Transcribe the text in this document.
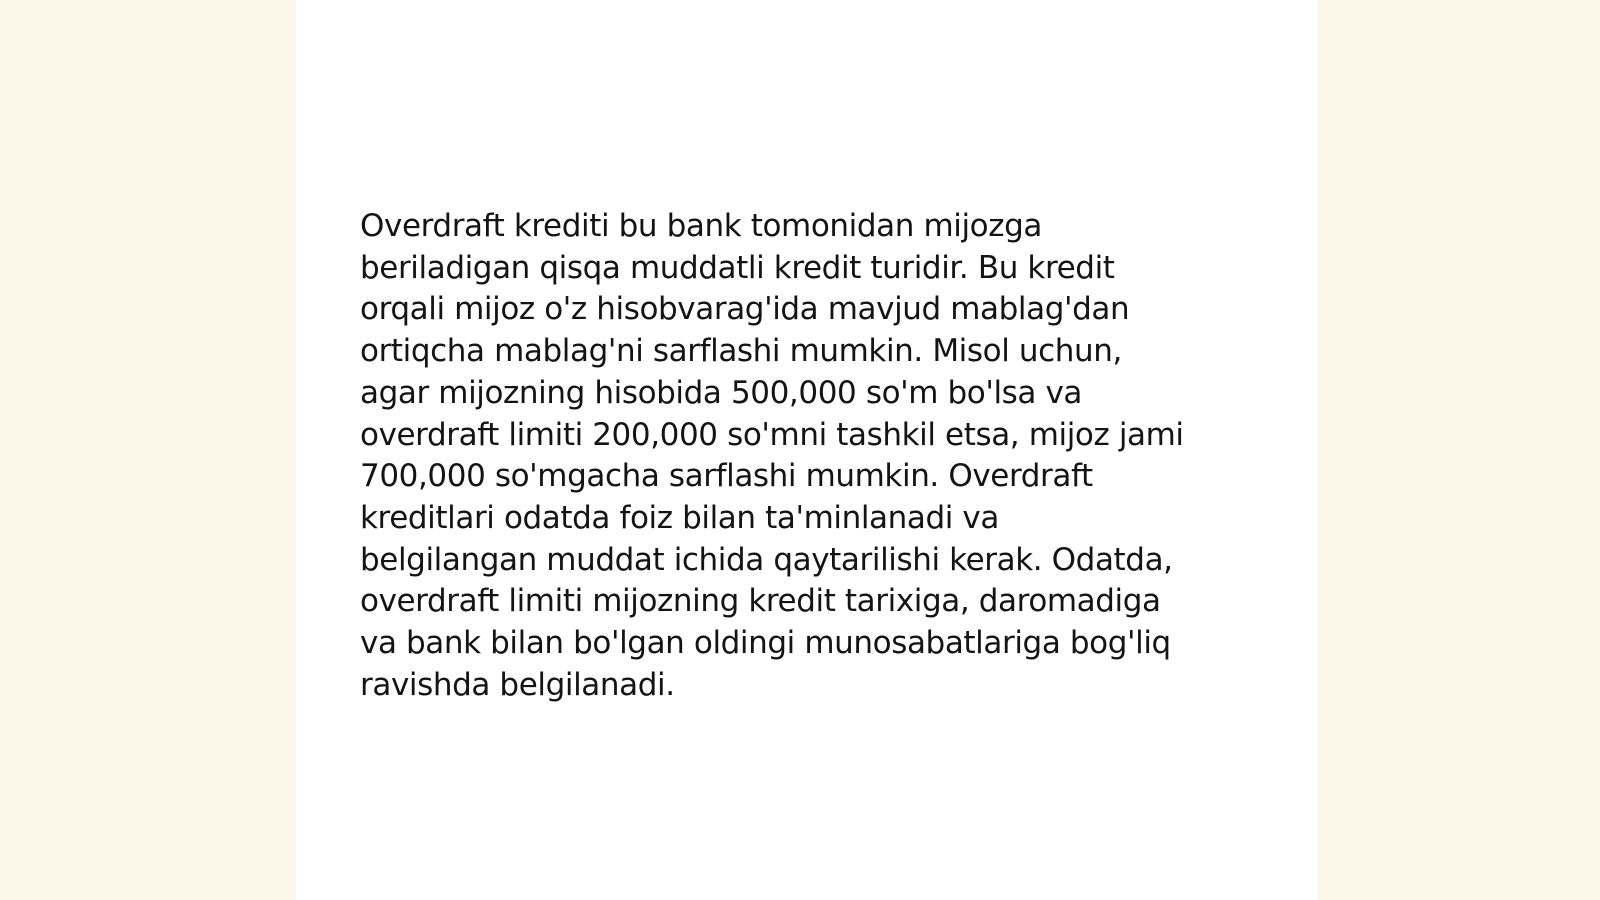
Overdraft krediti bu bank tomonidan mijozga
beriladigan qisqa muddatli kredit turidir. Bu kredit
orqali mijoz o'z hisobvarag'ida mavjud mablag'dan
ortiqcha mablag'ni sarflashi mumkin. Misol uchun,
agar mijozning hisobida 500,000 so'm bo'lsa va
overdraft limiti 200,000 so'mni tashkil etsa, mijoz jami
700,000 so'mgacha sarflashi mumkin. Overdraft
kreditlari odatda foiz bilan ta'minlanadi va
belgilangan muddat ichida qaytarilishi kerak. Odatda,
overdraft limiti mijozning kredit tarixiga, daromadiga
va bank bilan bo'lgan oldingi munosabatlariga bog'liq
ravishda belgilanadi.
